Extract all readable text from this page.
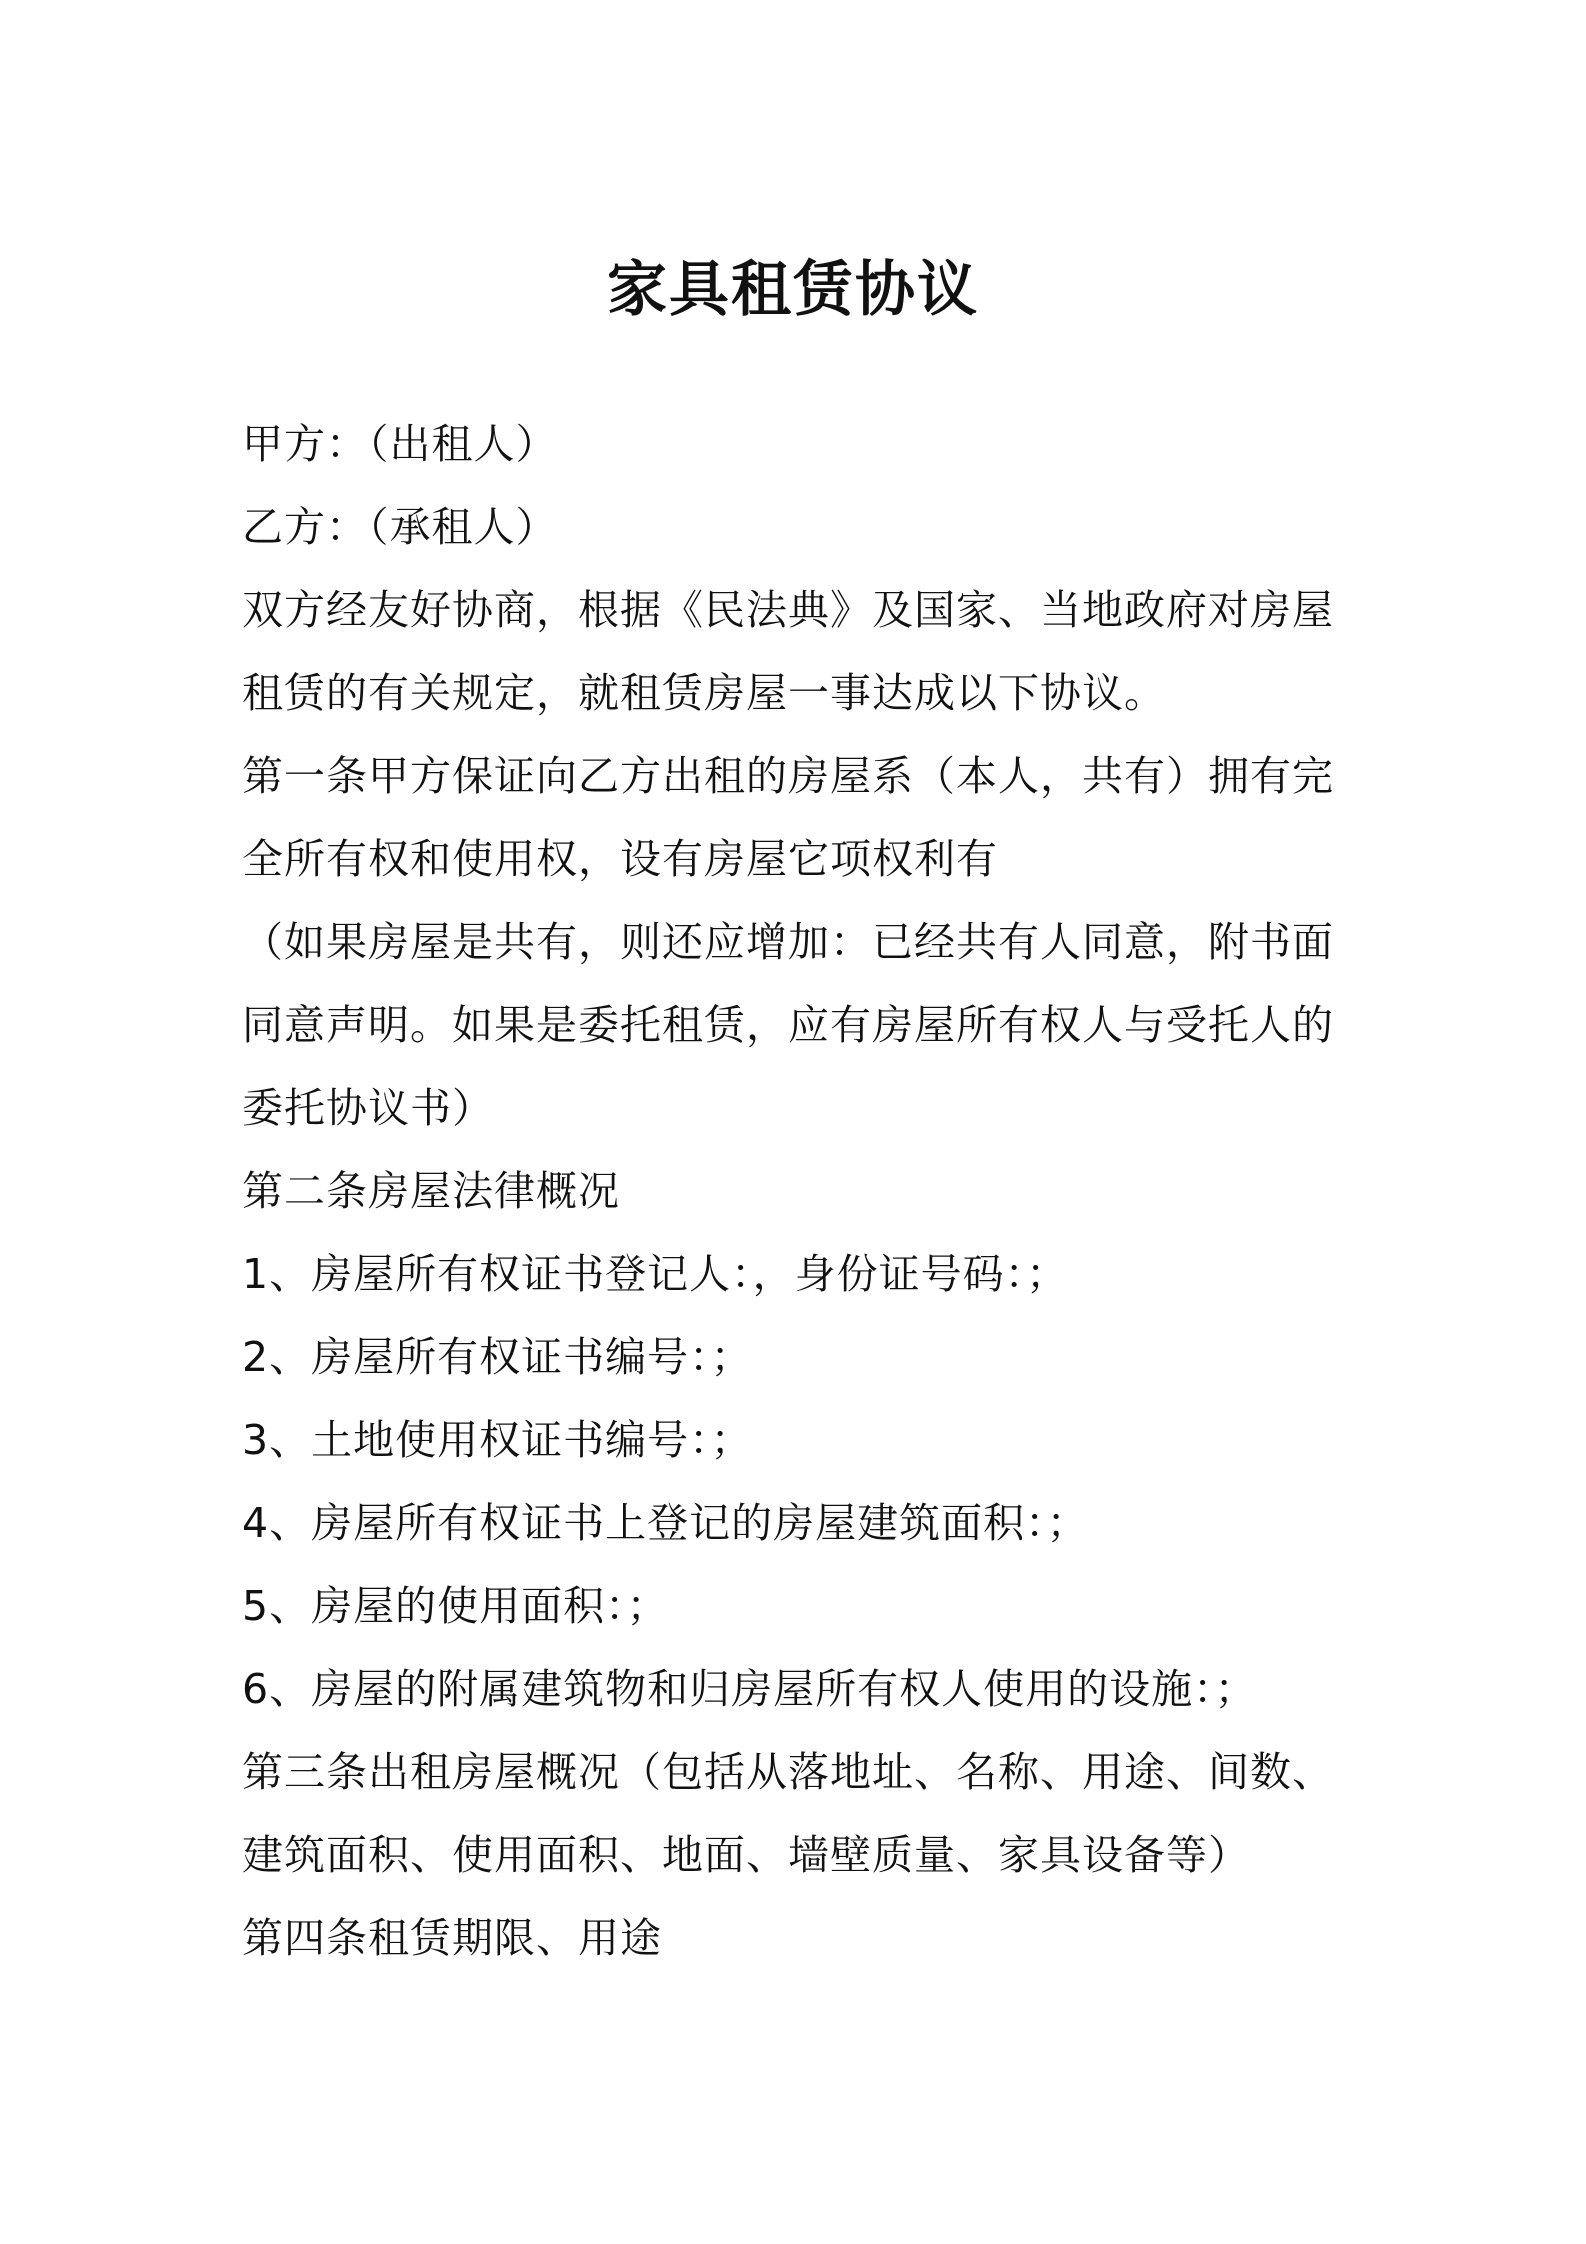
家具租赁协议
甲方：（出租人）
乙方：（承租人）
双方经友好协商，根据《民法典》及国家、当地政府对房屋
租赁的有关规定，就租赁房屋一事达成以下协议。
第一条甲方保证向乙方出租的房屋系（本人，共有）拥有完
全所有权和使用权，设有房屋它项权利有
（如果房屋是共有，则还应增加：已经共有人同意，附书面
同意声明。如果是委托租赁，应有房屋所有权人与受托人的
委托协议书）
第二条房屋法律概况
1、房屋所有权证书登记人：，身份证号码：；
2、房屋所有权证书编号：；
3、土地使用权证书编号：；
4、房屋所有权证书上登记的房屋建筑面积：；
5、房屋的使用面积：；
6、房屋的附属建筑物和归房屋所有权人使用的设施：；
第三条出租房屋概况（包括从落地址、名称、用途、间数、
建筑面积、使用面积、地面、墙壁质量、家具设备等）
第四条租赁期限、用途
